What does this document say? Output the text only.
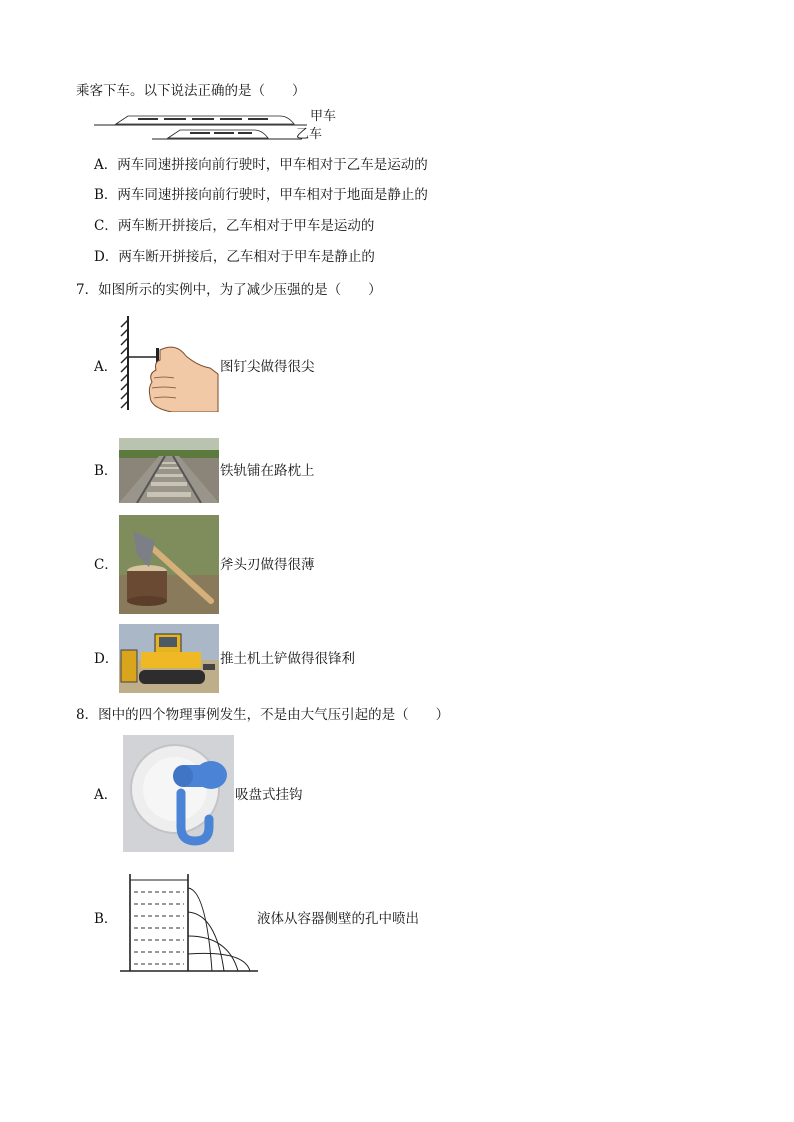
乘客下车。以下说法正确的是（　　）
甲车
乙车
A．两车同速拼接向前行驶时，甲车相对于乙车是运动的
B．两车同速拼接向前行驶时，甲车相对于地面是静止的
C．两车断开拼接后，乙车相对于甲车是运动的
D．两车断开拼接后，乙车相对于甲车是静止的
7．如图所示的实例中，为了减少压强的是（　　）
A．	图钉尖做得很尖
B．	铁轨铺在路枕上
C．	斧头刃做得很薄
D．	推土机土铲做得很锋利
8．图中的四个物理事例发生，不是由大气压引起的是（　　）
A．	吸盘式挂钩
B．	液体从容器侧壁的孔中喷出
